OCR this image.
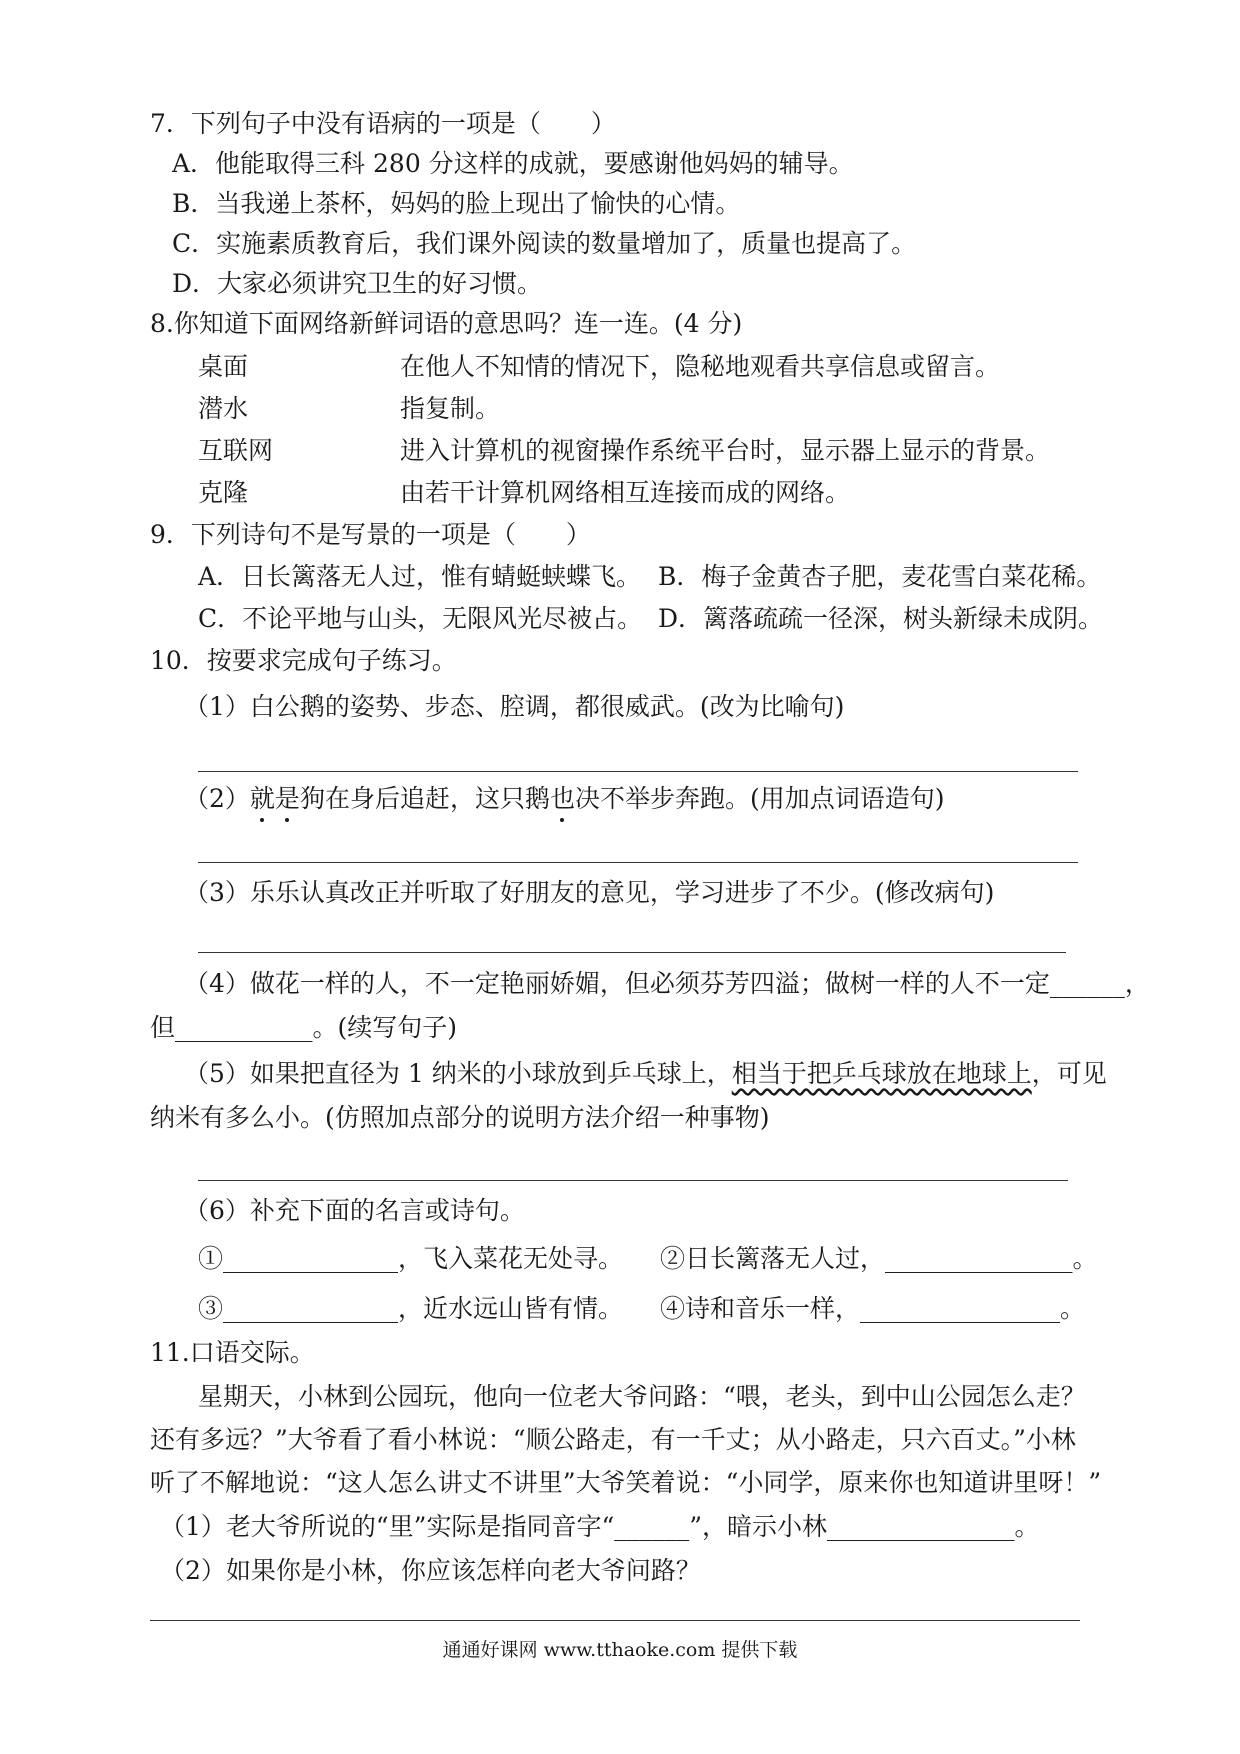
7．下列句子中没有语病的一项是（　　）
A．他能取得三科 280 分这样的成就，要感谢他妈妈的辅导。
B．当我递上茶杯，妈妈的脸上现出了愉快的心情。
C．实施素质教育后，我们课外阅读的数量增加了，质量也提高了。
D．大家必须讲究卫生的好习惯。
8.你知道下面网络新鲜词语的意思吗？连一连。(4 分)
桌面	在他人不知情的情况下，隐秘地观看共享信息或留言。
潜水	指复制。
互联网	进入计算机的视窗操作系统平台时，显示器上显示的背景。
克隆	由若干计算机网络相互连接而成的网络。
9．下列诗句不是写景的一项是（　　）
A．日长篱落无人过，惟有蜻蜓蛱蝶飞。 B．梅子金黄杏子肥，麦花雪白菜花稀。
C．不论平地与山头，无限风光尽被占。 D．篱落疏疏一径深，树头新绿未成阴。
10．按要求完成句子练习。
（1）白公鹅的姿势、步态、腔调，都很威武。(改为比喻句)
（2）就是狗在身后追赶，这只鹅也决不举步奔跑。(用加点词语造句)
（3）乐乐认真改正并听取了好朋友的意见，学习进步了不少。(修改病句)
（4）做花一样的人，不一定艳丽娇媚，但必须芬芳四溢；做树一样的人不一定______，
但___________。(续写句子)
（5）如果把直径为 1 纳米的小球放到乒乓球上，相当于把乒乓球放在地球上，可见
纳米有多么小。(仿照加点部分的说明方法介绍一种事物)
（6）补充下面的名言或诗句。
①______________，飞入菜花无处寻。 ②日长篱落无人过，_______________。
③______________，近水远山皆有情。 ④诗和音乐一样，________________。
11.口语交际。
星期天，小林到公园玩，他向一位老大爷问路：“喂，老头，到中山公园怎么走？
还有多远？”大爷看了看小林说：“顺公路走，有一千丈；从小路走，只六百丈。”小林
听了不解地说：“这人怎么讲丈不讲里”大爷笑着说：“小同学，原来你也知道讲里呀！”
（1）老大爷所说的“里”实际是指同音字“______”，暗示小林_______________。
（2）如果你是小林，你应该怎样向老大爷问路？
通通好课网 www.tthaoke.com 提供下载
